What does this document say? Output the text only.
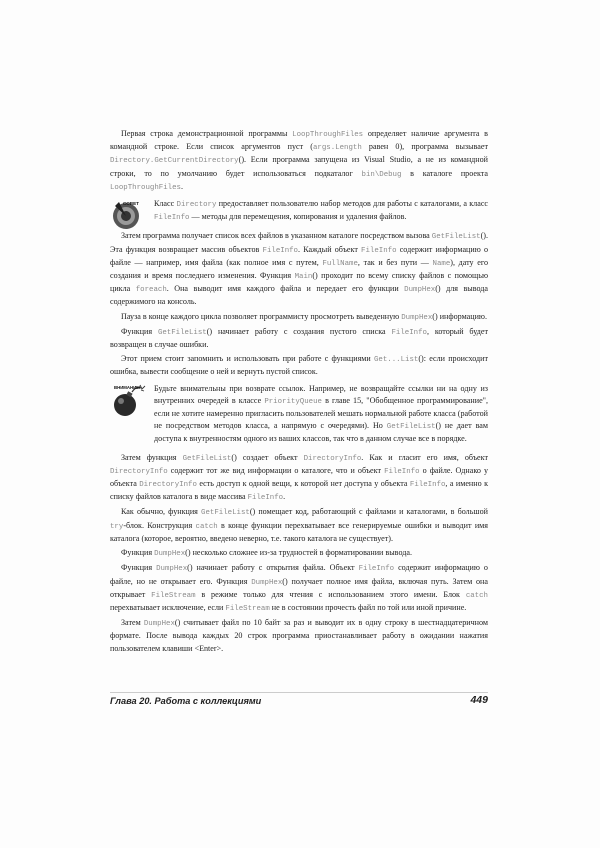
Первая строка демонстрационной программы LoopThroughFiles определяет наличие аргумента в командной строке. Если список аргументов пуст (args.Length равен 0), программа вызывает Directory.GetCurrentDirectory(). Если программа запущена из Visual Studio, а не из командной строки, то по умолчанию будет использоваться подкаталог bin\Debug в каталоге проекта LoopThroughFiles.

СОВЕТ Класс Directory предоставляет пользователю набор методов для работы с каталогами, а класс FileInfo — методы для перемещения, копирования и удаления файлов.

Затем программа получает список всех файлов в указанном каталоге посредством вызова GetFileList(). Эта функция возвращает массив объектов FileInfo. Каждый объект FileInfo содержит информацию о файле — например, имя файла (как полное имя с путем, FullName, так и без пути — Name), дату его создания и время последнего изменения. Функция Main() проходит по всему списку файлов с помощью цикла foreach. Она выводит имя каждого файла и передает его функции DumpHex() для вывода содержимого на консоль.

Пауза в конце каждого цикла позволяет программисту просмотреть выведенную DumpHex() информацию.

Функция GetFileList() начинает работу с создания пустого списка FileInfo, который будет возвращен в случае ошибки.

Этот прием стоит запомнить и использовать при работе с функциями Get...List(): если происходит ошибка, вывести сообщение о ней и вернуть пустой список.

ВНИМАНИЕ! Будьте внимательны при возврате ссылок. Например, не возвращайте ссылки ни на одну из внутренних очередей в классе PriorityQueue в главе 15, "Обобщенное программирование", если не хотите намеренно пригласить пользователей мешать нормальной работе класса (работой не посредством методов класса, а напрямую с очередями). Но GetFileList() не дает вам доступа к внутренностям одного из ваших классов, так что в данном случае все в порядке.

Затем функция GetFileList() создает объект DirectoryInfo. Как и гласит его имя, объект DirectoryInfo содержит тот же вид информации о каталоге, что и объект FileInfo о файле. Однако у объекта DirectoryInfo есть доступ к одной вещи, к которой нет доступа у объекта FileInfo, а именно к списку файлов каталога в виде массива FileInfo.

Как обычно, функция GetFileList() помещает код, работающий с файлами и каталогами, в большой try-блок. Конструкция catch в конце функции перехватывает все генерируемые ошибки и выводит имя каталога (которое, вероятно, введено неверно, т.е. такого каталога не существует).

Функция DumpHex() несколько сложнее из-за трудностей в форматировании вывода.

Функция DumpHex() начинает работу с открытия файла. Объект FileInfo содержит информацию о файле, но не открывает его. Функция DumpHex() получает полное имя файла, включая путь. Затем она открывает FileStream в режиме только для чтения с использованием этого имени. Блок catch перехватывает исключение, если FileStream не в состоянии прочесть файл по той или иной причине.

Затем DumpHex() считывает файл по 10 байт за раз и выводит их в одну строку в шестнадцатеричном формате. После вывода каждых 20 строк программа приостанавливает работу в ожидании нажатия пользователем клавиши <Enter>.

Глава 20. Работа с коллекциями	449
